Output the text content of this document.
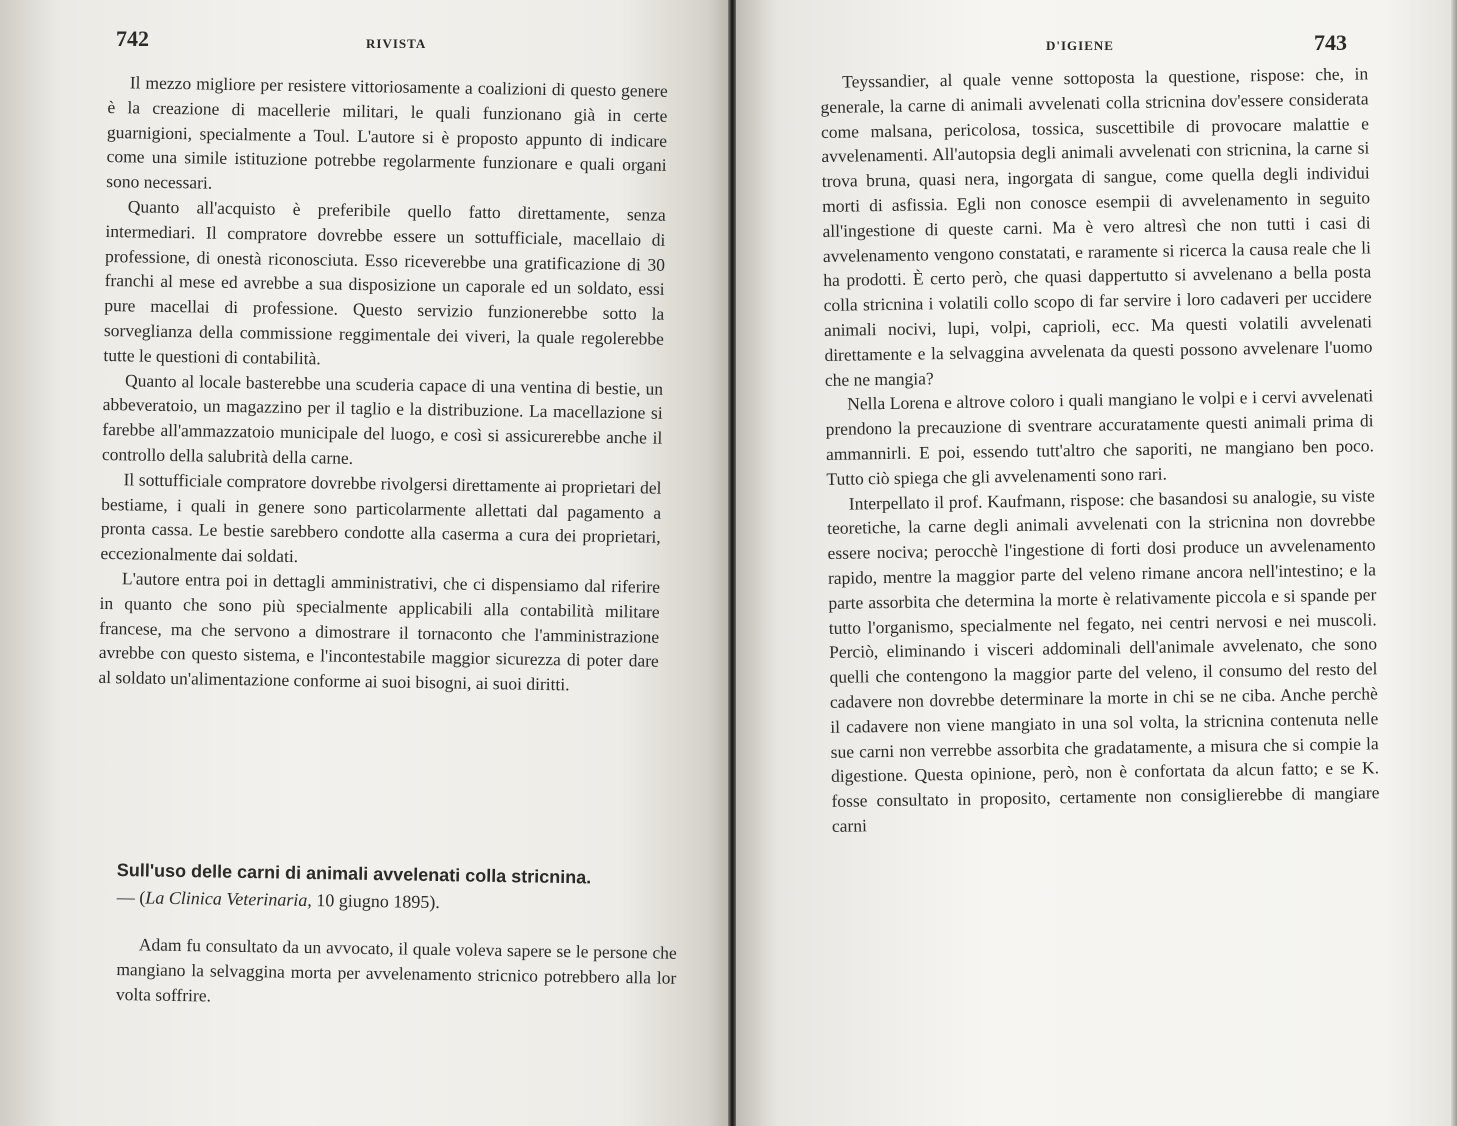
742	RIVISTA

Il mezzo migliore per resistere vittoriosamente a coalizioni di questo genere è la creazione di macellerie militari, le quali funzionano già in certe guarnigioni, specialmente a Toul. L'autore si è proposto appunto di indicare come una simile istituzione potrebbe regolarmente funzionare e quali organi sono necessari.

Quanto all'acquisto è preferibile quello fatto direttamente, senza intermediari. Il compratore dovrebbe essere un sottufficiale, macellaio di professione, di onestà riconosciuta. Esso riceverebbe una gratificazione di 30 franchi al mese ed avrebbe a sua disposizione un caporale ed un soldato, essi pure macellai di professione. Questo servizio funzionerebbe sotto la sorveglianza della commissione reggimentale dei viveri, la quale regolerebbe tutte le questioni di contabilità.

Quanto al locale basterebbe una scuderia capace di una ventina di bestie, un abbeveratoio, un magazzino per il taglio e la distribuzione. La macellazione si farebbe all'ammazzatoio municipale del luogo, e così si assicurerebbe anche il controllo della salubrità della carne.

Il sottufficiale compratore dovrebbe rivolgersi direttamente ai proprietari del bestiame, i quali in genere sono particolarmente allettati dal pagamento a pronta cassa. Le bestie sarebbero condotte alla caserma a cura dei proprietari, eccezionalmente dai soldati.

L'autore entra poi in dettagli amministrativi, che ci dispensiamo dal riferire in quanto che sono più specialmente applicabili alla contabilità militare francese, ma che servono a dimostrare il tornaconto che l'amministrazione avrebbe con questo sistema, e l'incontestabile maggior sicurezza di poter dare al soldato un'alimentazione conforme ai suoi bisogni, ai suoi diritti.

Sull'uso delle carni di animali avvelenati colla stricnina.
— (La Clinica Veterinaria, 10 giugno 1895).

Adam fu consultato da un avvocato, il quale voleva sapere se le persone che mangiano la selvaggina morta per avvelenamento stricnico potrebbero alla lor volta soffrire.

D'IGIENE	743

Teyssandier, al quale venne sottoposta la questione, rispose: che, in generale, la carne di animali avvelenati colla stricnina dov'essere considerata come malsana, pericolosa, tossica, suscettibile di provocare malattie e avvelenamenti. All'autopsia degli animali avvelenati con stricnina, la carne si trova bruna, quasi nera, ingorgata di sangue, come quella degli individui morti di asfissia. Egli non conosce esempii di avvelenamento in seguito all'ingestione di queste carni. Ma è vero altresì che non tutti i casi di avvelenamento vengono constatati, e raramente si ricerca la causa reale che li ha prodotti. È certo però, che quasi dappertutto si avvelenano a bella posta colla stricnina i volatili collo scopo di far servire i loro cadaveri per uccidere animali nocivi, lupi, volpi, caprioli, ecc. Ma questi volatili avvelenati direttamente e la selvaggina avvelenata da questi possono avvelenare l'uomo che ne mangia?

Nella Lorena e altrove coloro i quali mangiano le volpi e i cervi avvelenati prendono la precauzione di sventrare accuratamente questi animali prima di ammannirli. E poi, essendo tutt'altro che saporiti, ne mangiano ben poco. Tutto ciò spiega che gli avvelenamenti sono rari.

Interpellato il prof. Kaufmann, rispose: che basandosi su analogie, su viste teoretiche, la carne degli animali avvelenati con la stricnina non dovrebbe essere nociva; perocchè l'ingestione di forti dosi produce un avvelenamento rapido, mentre la maggior parte del veleno rimane ancora nell'intestino; e la parte assorbita che determina la morte è relativamente piccola e si spande per tutto l'organismo, specialmente nel fegato, nei centri nervosi e nei muscoli. Perciò, eliminando i visceri addominali dell'animale avvelenato, che sono quelli che contengono la maggior parte del veleno, il consumo del resto del cadavere non dovrebbe determinare la morte in chi se ne ciba. Anche perchè il cadavere non viene mangiato in una sol volta, la stricnina contenuta nelle sue carni non verrebbe assorbita che gradatamente, a misura che si compie la digestione. Questa opinione, però, non è confortata da alcun fatto; e se K. fosse consultato in proposito, certamente non consiglierebbe di mangiare carni
